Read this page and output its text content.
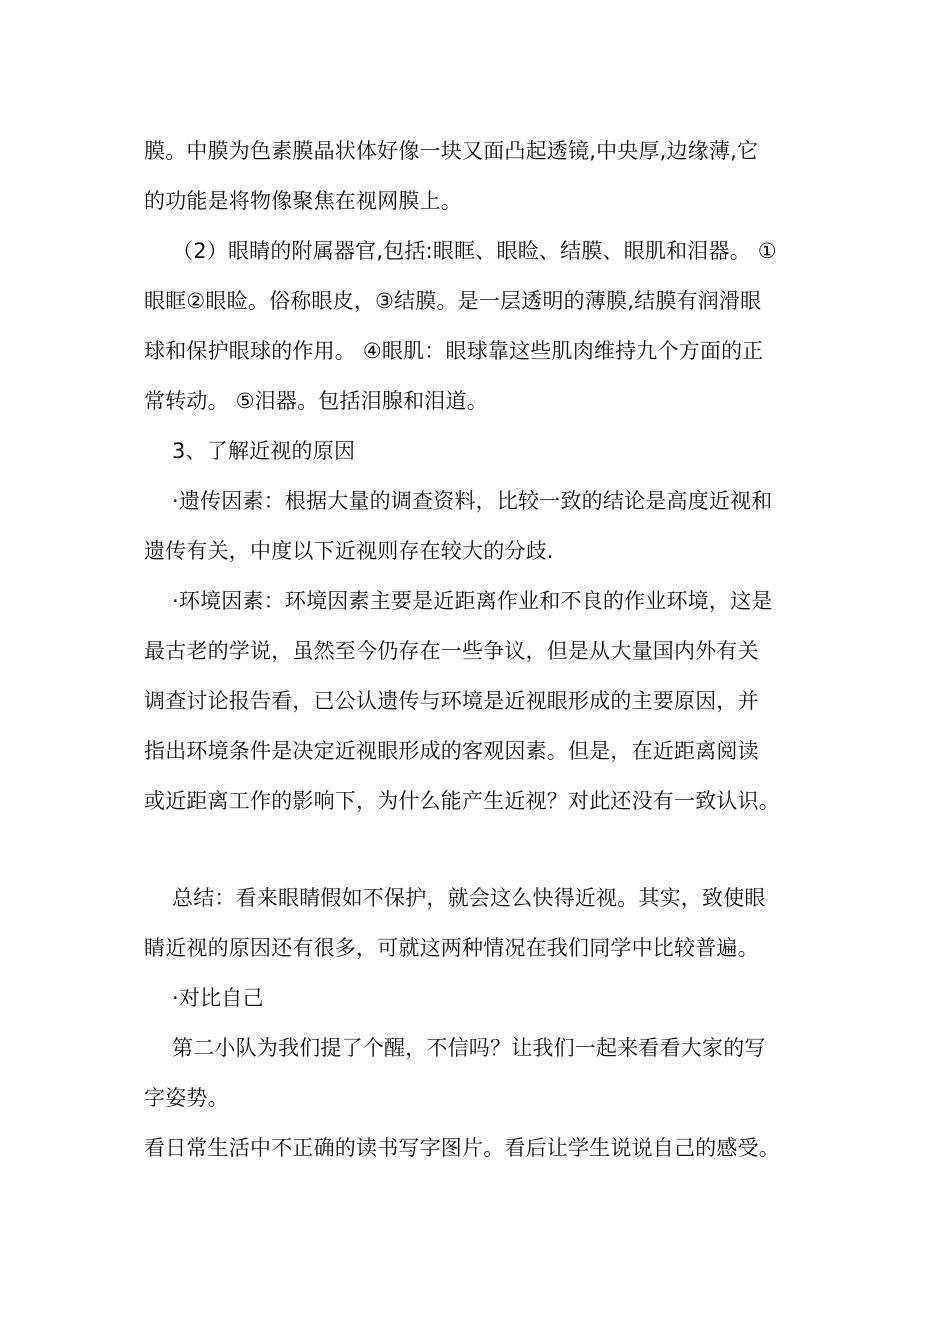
膜。中膜为色素膜晶状体好像一块又面凸起透镜,中央厚,边缘薄,它
的功能是将物像聚焦在视网膜上。
（2）眼睛的附属器官,包括:眼眶、眼睑、结膜、眼肌和泪器。 ①
眼眶②眼睑。俗称眼皮，③结膜。是一层透明的薄膜,结膜有润滑眼
球和保护眼球的作用。 ④眼肌：眼球靠这些肌肉维持九个方面的正
常转动。 ⑤泪器。包括泪腺和泪道。
3、了解近视的原因
·遗传因素：根据大量的调查资料，比较一致的结论是高度近视和
遗传有关，中度以下近视则存在较大的分歧.
·环境因素：环境因素主要是近距离作业和不良的作业环境，这是
最古老的学说，虽然至今仍存在一些争议，但是从大量国内外有关
调查讨论报告看，已公认遗传与环境是近视眼形成的主要原因，并
指出环境条件是决定近视眼形成的客观因素。但是，在近距离阅读
或近距离工作的影响下，为什么能产生近视？对此还没有一致认识。
总结：看来眼睛假如不保护，就会这么快得近视。其实，致使眼
睛近视的原因还有很多，可就这两种情况在我们同学中比较普遍。
·对比自己
第二小队为我们提了个醒，不信吗？让我们一起来看看大家的写
字姿势。
看日常生活中不正确的读书写字图片。看后让学生说说自己的感受。
